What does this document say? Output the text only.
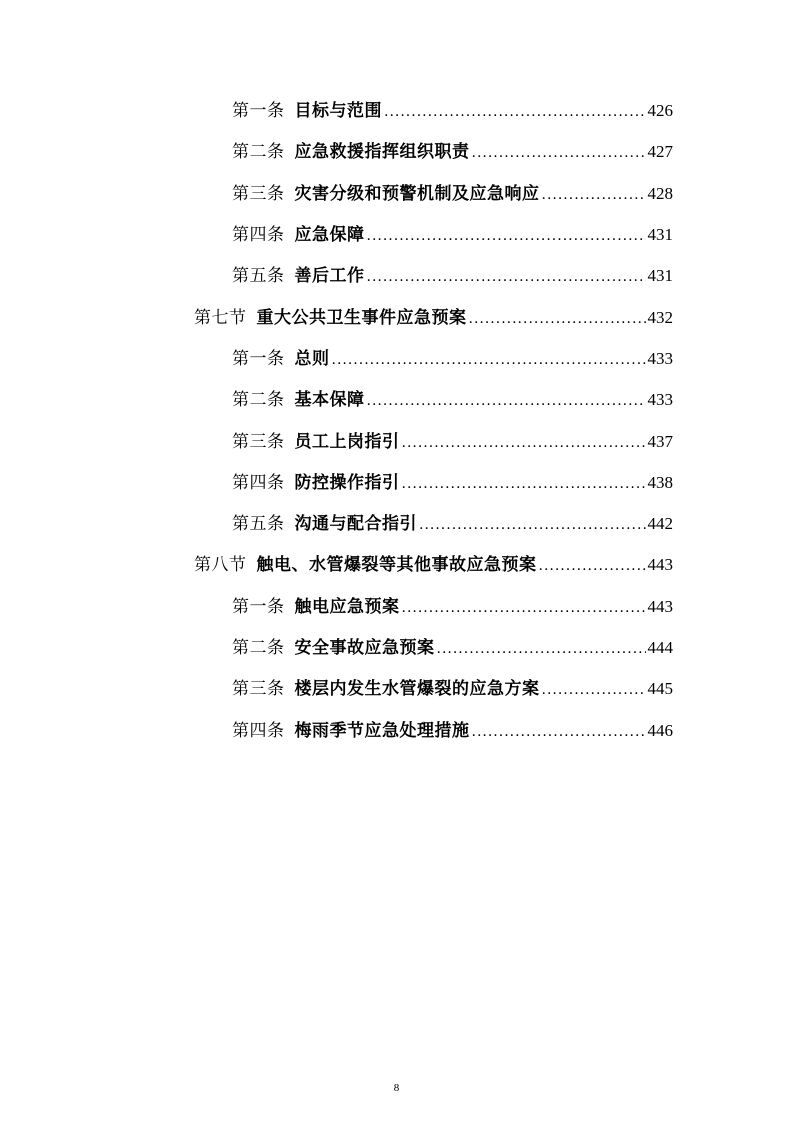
第一条 目标与范围 .....	426
第二条 应急救援指挥组织职责 .....	427
第三条 灾害分级和预警机制及应急响应 .....	428
第四条 应急保障 .....	431
第五条 善后工作 .....	431
第七节 重大公共卫生事件应急预案 .....	432
第一条 总则 .....	433
第二条 基本保障 .....	433
第三条 员工上岗指引 .....	437
第四条 防控操作指引 .....	438
第五条 沟通与配合指引 .....	442
第八节 触电、水管爆裂等其他事故应急预案 .....	443
第一条 触电应急预案 .....	443
第二条 安全事故应急预案 .....	444
第三条 楼层内发生水管爆裂的应急方案 .....	445
第四条 梅雨季节应急处理措施 .....	446
8
